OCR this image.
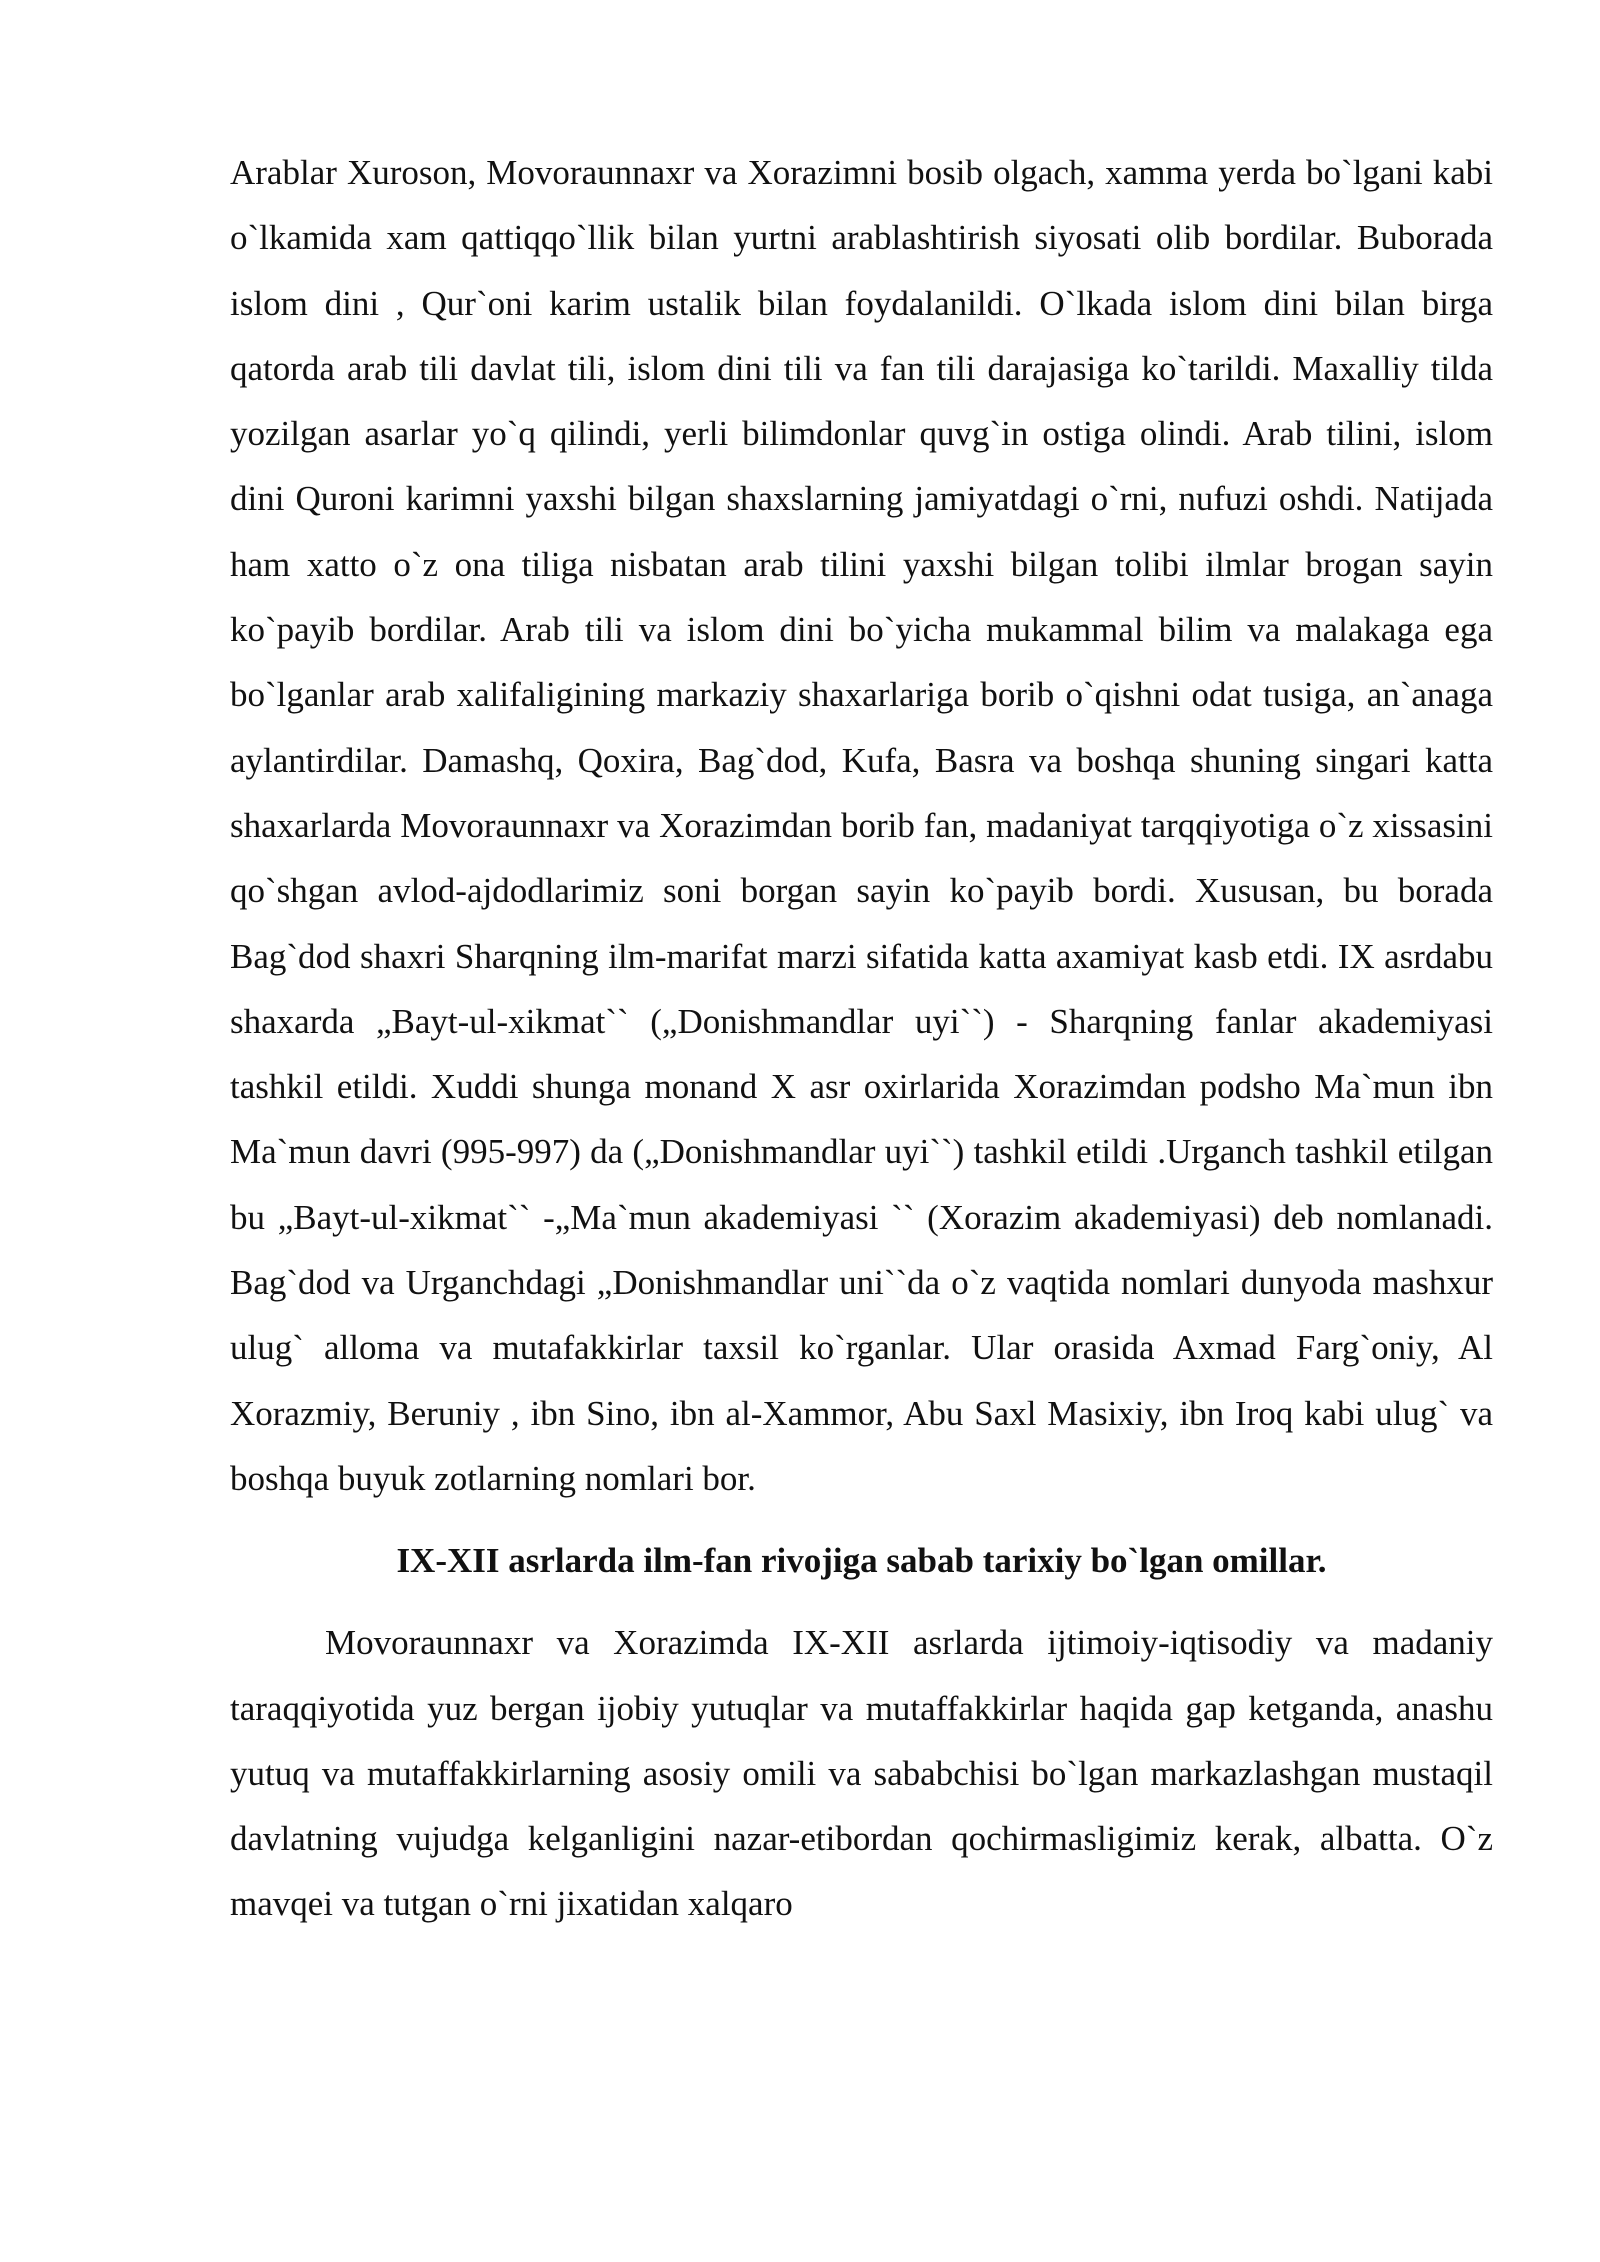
Arablar Xuroson, Movoraunnaxr va Xorazimni bosib olgach, xamma yerda bo`lgani kabi o`lkamida xam qattiqqo`llik bilan yurtni arablashtirish siyosati olib bordilar. Buborada islom dini , Qur`oni karim ustalik bilan foydalanildi. O`lkada islom dini bilan birga qatorda arab tili davlat tili, islom dini tili va fan tili darajasiga ko`tarildi. Maxalliy tilda yozilgan asarlar yo`q qilindi, yerli bilimdonlar quvg`in ostiga olindi. Arab tilini, islom dini Quroni karimni yaxshi bilgan shaxslarning jamiyatdagi o`rni, nufuzi oshdi. Natijada ham xatto o`z ona tiliga nisbatan arab tilini yaxshi bilgan tolibi ilmlar brogan sayin ko`payib bordilar. Arab tili va islom dini bo`yicha mukammal bilim va malakaga ega bo`lganlar arab xalifaligining markaziy shaxarlariga borib o`qishni odat tusiga, an`anaga aylantirdilar. Damashq, Qoxira, Bag`dod, Kufa, Basra va boshqa shuning singari katta shaxarlarda Movoraunnaxr va Xorazimdan borib fan, madaniyat tarqqiyotiga o`z xissasini qo`shgan avlod-ajdodlarimiz soni borgan sayin ko`payib bordi. Xususan, bu borada Bag`dod shaxri Sharqning ilm-marifat marzi sifatida katta axamiyat kasb etdi. IX asrdabu shaxarda „Bayt-ul-xikmat`` („Donishmandlar uyi``) - Sharqning fanlar akademiyasi tashkil etildi. Xuddi shunga monand X asr oxirlarida Xorazimdan podsho Ma`mun ibn Ma`mun davri (995-997) da („Donishmandlar uyi``) tashkil etildi .Urganch tashkil etilgan bu „Bayt-ul-xikmat`` -„Ma`mun akademiyasi `` (Xorazim akademiyasi) deb nomlanadi. Bag`dod va Urganchdagi „Donishmandlar uni``da o`z vaqtida nomlari dunyoda mashxur ulug` alloma va mutafakkirlar taxsil ko`rganlar. Ular orasida Axmad Farg`oniy, Al Xorazmiy, Beruniy , ibn Sino, ibn al-Xammor, Abu Saxl Masixiy, ibn Iroq kabi ulug` va boshqa buyuk zotlarning nomlari bor.

IX-XII asrlarda ilm-fan rivojiga sabab tarixiy bo`lgan omillar.

Movoraunnaxr va Xorazimda IX-XII asrlarda ijtimoiy-iqtisodiy va madaniy taraqqiyotida yuz bergan ijobiy yutuqlar va mutaffakkirlar haqida gap ketganda, anashu yutuq va mutaffakkirlarning asosiy omili va sababchisi bo`lgan markazlashgan mustaqil davlatning vujudga kelganligini nazar-etibordan qochirmasligimiz kerak, albatta. O`z mavqei va tutgan o`rni jixatidan xalqaro
